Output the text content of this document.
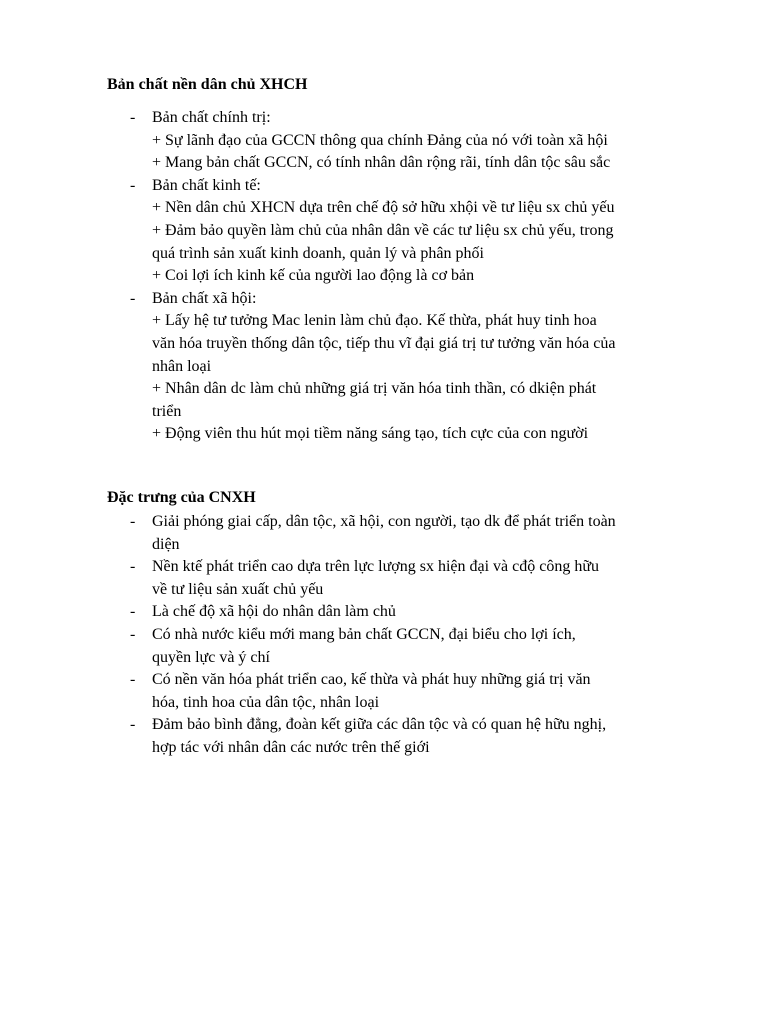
Bản chất nền dân chủ XHCH

- Bản chất chính trị:
+ Sự lãnh đạo của GCCN thông qua chính Đảng của nó với toàn xã hội
+ Mang bản chất GCCN, có tính nhân dân rộng rãi, tính dân tộc sâu sắc
- Bản chất kinh tế:
+ Nền dân chủ XHCN dựa trên chế độ sở hữu xhội về tư liệu sx chủ yếu
+ Đảm bảo quyền làm chủ của nhân dân về các tư liệu sx chủ yếu, trong
quá trình sản xuất kinh doanh, quản lý và phân phối
+ Coi lợi ích kinh kế của người lao động là cơ bản
- Bản chất xã hội:
+ Lấy hệ tư tưởng Mac lenin làm chủ đạo. Kế thừa, phát huy tinh hoa
văn hóa truyền thống dân tộc, tiếp thu vĩ đại giá trị tư tưởng văn hóa của
nhân loại
+ Nhân dân dc làm chủ những giá trị văn hóa tinh thần, có dkiện phát
triển
+ Động viên thu hút mọi tiềm năng sáng tạo, tích cực của con người

Đặc trưng của CNXH

- Giải phóng giai cấp, dân tộc, xã hội, con người, tạo dk để phát triển toàn
diện
- Nền ktế phát triển cao dựa trên lực lượng sx hiện đại và cđộ công hữu
về tư liệu sản xuất chủ yếu
- Là chế độ xã hội do nhân dân làm chủ
- Có nhà nước kiểu mới mang bản chất GCCN, đại biểu cho lợi ích,
quyền lực và ý chí
- Có nền văn hóa phát triển cao, kế thừa và phát huy những giá trị văn
hóa, tinh hoa của dân tộc, nhân loại
- Đảm bảo bình đẳng, đoàn kết giữa các dân tộc và có quan hệ hữu nghị,
hợp tác với nhân dân các nước trên thế giới
